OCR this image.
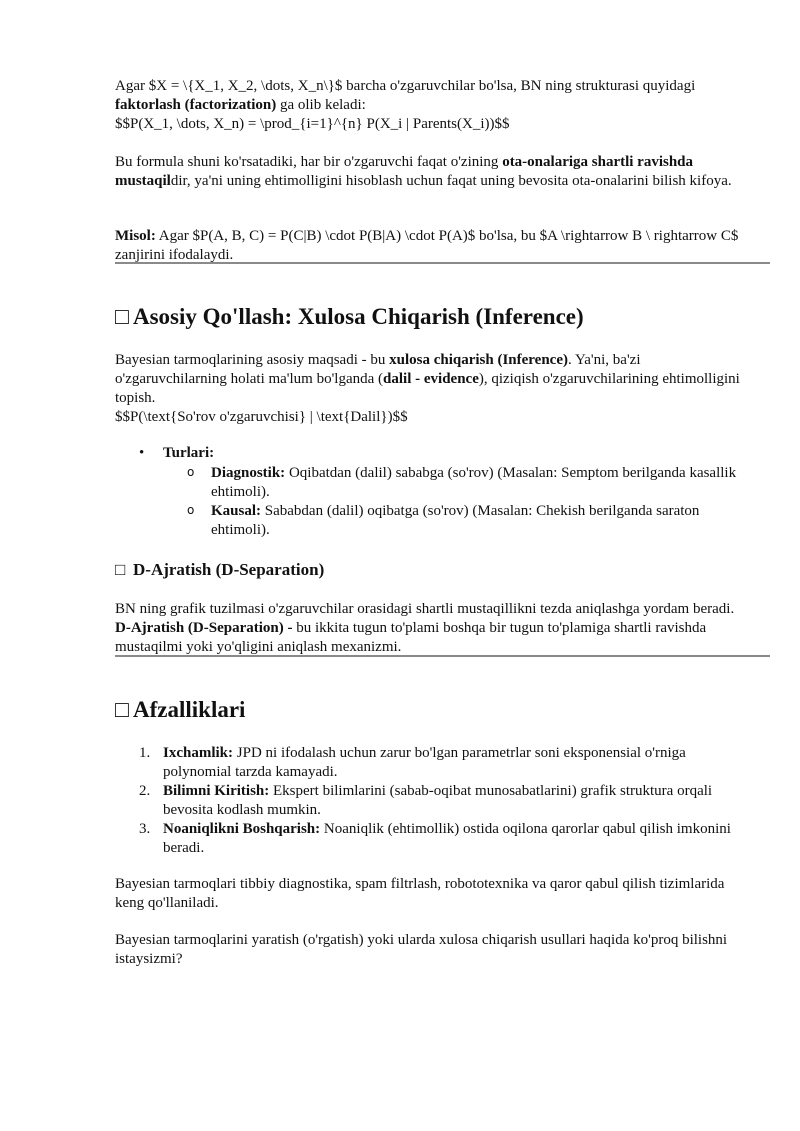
Agar $X = \{X_1, X_2, \dots, X_n\}$ barcha o'zgaruvchilar bo'lsa, BN ning strukturasi quyidagi faktorlash (factorization) ga olib keladi:
$$P(X_1, \dots, X_n) = \prod_{i=1}^{n} P(X_i | Parents(X_i))$$

Bu formula shuni ko'rsatadiki, har bir o'zgaruvchi faqat o'zining ota-onalariga shartli ravishda mustaqildir, ya'ni uning ehtimolligini hisoblash uchun faqat uning bevosita ota-onalarini bilish kifoya.

Misol: Agar $P(A, B, C) = P(C|B) \cdot P(B|A) \cdot P(A)$ bo'lsa, bu $A \rightarrow B \ rightarrow C$ zanjirini ifodalaydi.

□ Asosiy Qo'llash: Xulosa Chiqarish (Inference)

Bayesian tarmoqlarining asosiy maqsadi - bu xulosa chiqarish (Inference). Ya'ni, ba'zi o'zgaruvchilarning holati ma'lum bo'lganda (dalil - evidence), qiziqish o'zgaruvchilarining ehtimolligini topish.
$$P(\text{So'rov o'zgaruvchisi} | \text{Dalil})$$

• Turlari:
o Diagnostik: Oqibatdan (dalil) sababga (so'rov) (Masalan: Semptom berilganda kasallik ehtimoli).
o Kausal: Sababdan (dalil) oqibatga (so'rov) (Masalan: Chekish berilganda saraton ehtimoli).
□ D-Ajratish (D-Separation)

BN ning grafik tuzilmasi o'zgaruvchilar orasidagi shartli mustaqillikni tezda aniqlashga yordam beradi. D-Ajratish (D-Separation) - bu ikkita tugun to'plami boshqa bir tugun to'plamiga shartli ravishda mustaqilmi yoki yo'qligini aniqlash mexanizmi.

□ Afzalliklari
1. Ixchamlik: JPD ni ifodalash uchun zarur bo'lgan parametrlar soni eksponensial o'rniga polynomial tarzda kamayadi.
2. Bilimni Kiritish: Ekspert bilimlarini (sabab-oqibat munosabatlarini) grafik struktura orqali bevosita kodlash mumkin.
3. Noaniqlikni Boshqarish: Noaniqlik (ehtimollik) ostida oqilona qarorlar qabul qilish imkonini beradi.

Bayesian tarmoqlari tibbiy diagnostika, spam filtrlash, robototexnika va qaror qabul qilish tizimlarida keng qo'llaniladi.

Bayesian tarmoqlarini yaratish (o'rgatish) yoki ularda xulosa chiqarish usullari haqida ko'proq bilishni istaysizmi?
